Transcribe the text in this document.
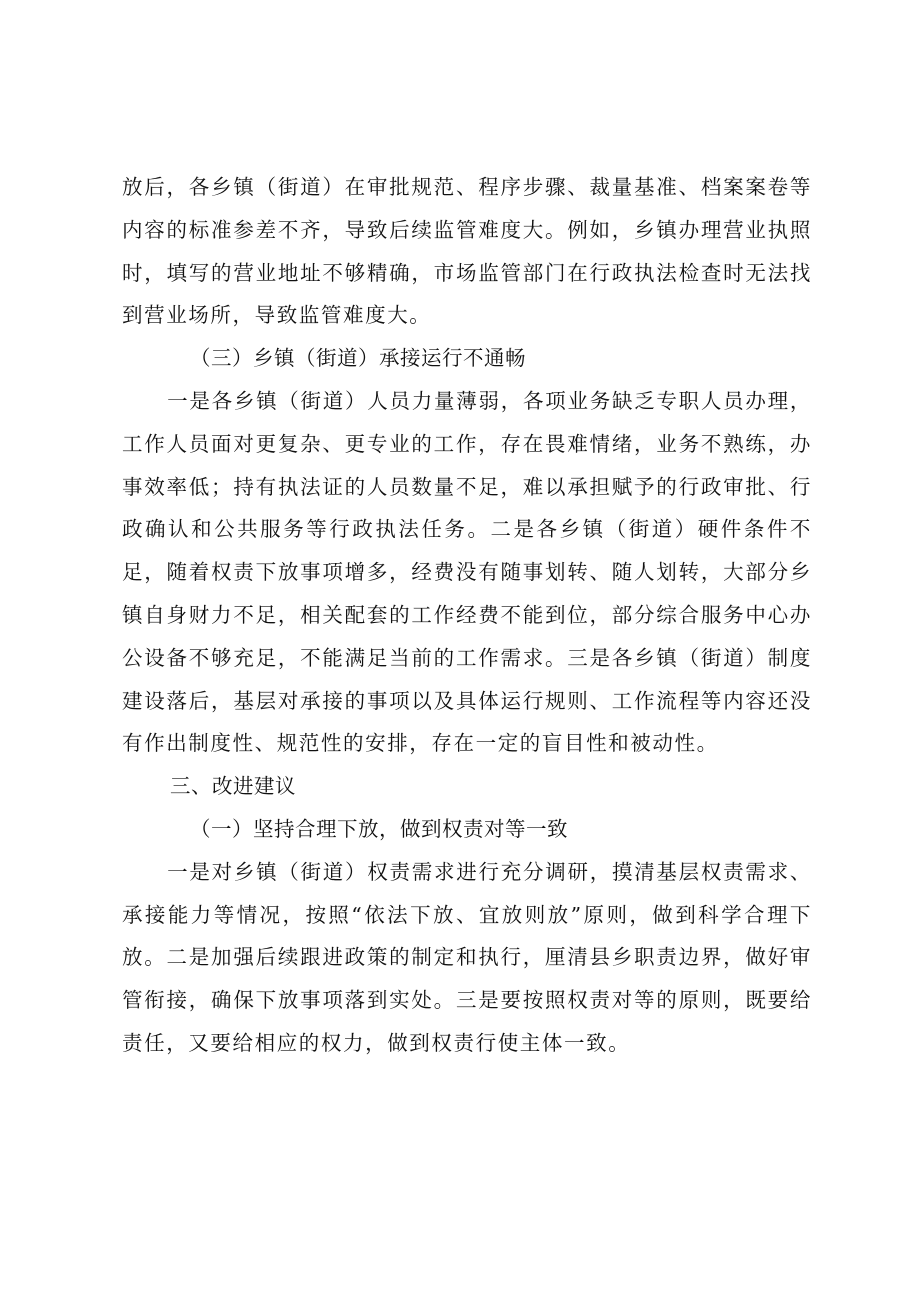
放后，各乡镇（街道）在审批规范、程序步骤、裁量基准、档案案卷等内容的标准参差不齐，导致后续监管难度大。例如，乡镇办理营业执照时，填写的营业地址不够精确，市场监管部门在行政执法检查时无法找到营业场所，导致监管难度大。

（三）乡镇（街道）承接运行不通畅

一是各乡镇（街道）人员力量薄弱，各项业务缺乏专职人员办理，工作人员面对更复杂、更专业的工作，存在畏难情绪，业务不熟练，办事效率低；持有执法证的人员数量不足，难以承担赋予的行政审批、行政确认和公共服务等行政执法任务。二是各乡镇（街道）硬件条件不足，随着权责下放事项增多，经费没有随事划转、随人划转，大部分乡镇自身财力不足，相关配套的工作经费不能到位，部分综合服务中心办公设备不够充足，不能满足当前的工作需求。三是各乡镇（街道）制度建设落后，基层对承接的事项以及具体运行规则、工作流程等内容还没有作出制度性、规范性的安排，存在一定的盲目性和被动性。

三、改进建议

（一）坚持合理下放，做到权责对等一致

一是对乡镇（街道）权责需求进行充分调研，摸清基层权责需求、承接能力等情况，按照“依法下放、宜放则放”原则，做到科学合理下放。二是加强后续跟进政策的制定和执行，厘清县乡职责边界，做好审管衔接，确保下放事项落到实处。三是要按照权责对等的原则，既要给责任，又要给相应的权力，做到权责行使主体一致。
